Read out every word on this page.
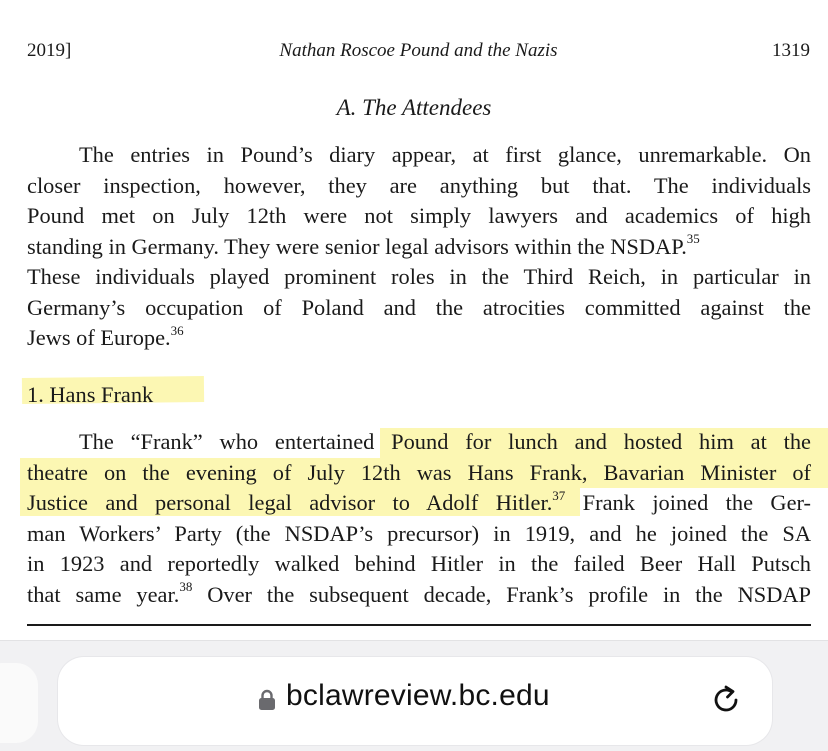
2019]	Nathan Roscoe Pound and the Nazis	1319
A. The Attendees
The entries in Pound’s diary appear, at first glance, unremarkable. On
closer inspection, however, they are anything but that. The individuals
Pound met on July 12th were not simply lawyers and academics of high
standing in Germany. They were senior legal advisors within the NSDAP.$^{35}$
These individuals played prominent roles in the Third Reich, in particular in
Germany’s occupation of Poland and the atrocities committed against the
Jews of Europe.$^{36}$
1. Hans Frank
The “Frank” who entertained Pound for lunch and hosted him at the
theatre on the evening of July 12th was Hans Frank, Bavarian Minister of
Justice and personal legal advisor to Adolf Hitler.$^{37}$ Frank joined the Ger-
man Workers’ Party (the NSDAP’s precursor) in 1919, and he joined the SA
in 1923 and reportedly walked behind Hitler in the failed Beer Hall Putsch
that same year.$^{38}$ Over the subsequent decade, Frank’s profile in the NSDAP
bclawreview.bc.edu
